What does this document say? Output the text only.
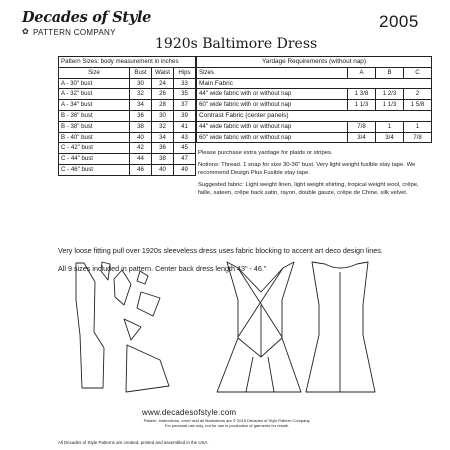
Decades of Style
✿ PATTERN COMPANY
2005
1920s Baltimore Dress
Pattern Sizes: body measurement in inches			
Size	Bust	Waist	Hips
A - 30" bust	30	24	33
A - 32" bust	32	26	35
A - 34" bust	34	28	37
B - 36" bust	36	30	39
B - 38" bust	38	32	41
B - 40" bust	40	34	43
C - 42" bust	42	36	45
C - 44" bust	44	38	47
C - 46" bust	46	40	49
Yardage Requirements (without nap)			
Sizes	A	B	C
Main Fabric			
44" wide fabric with or without nap	1 3/8	1 2/3	2
60" wide fabric with or without nap	1 1/3	1 1/3	1 5/8
Contrast Fabric (center panels)			
44" wide fabric with or without nap	7/8	1	1
60" wide fabric with or without nap	3/4	3/4	7/8

Please purchase extra yardage for plaids or stripes.

Notions: Thread. 1 snap for size 30-36" bust. Very light weight fusible stay tape. We recommend Design Plus Fusible stay tape.

Suggested fabric: Light weight linen, light weight shirting, tropical weight wool, crêpe, faille, sateen, crêpe back satin, rayon, double gauze, crêpe de Chine, silk velvet.

Very loose fitting pull over 1920s sleeveless dress uses fabric blocking to accent art deco design lines.

All 9 sizes included in pattern. Center back dress length 43" - 46."

www.decadesofstyle.com
Pattern, instructions, cover and all illustrations are © 2015 Decades of Style Pattern Company. For personal use only, not for use in production of garments for resale.
All Decades of Style Patterns are created, printed and assembled in the USA.
